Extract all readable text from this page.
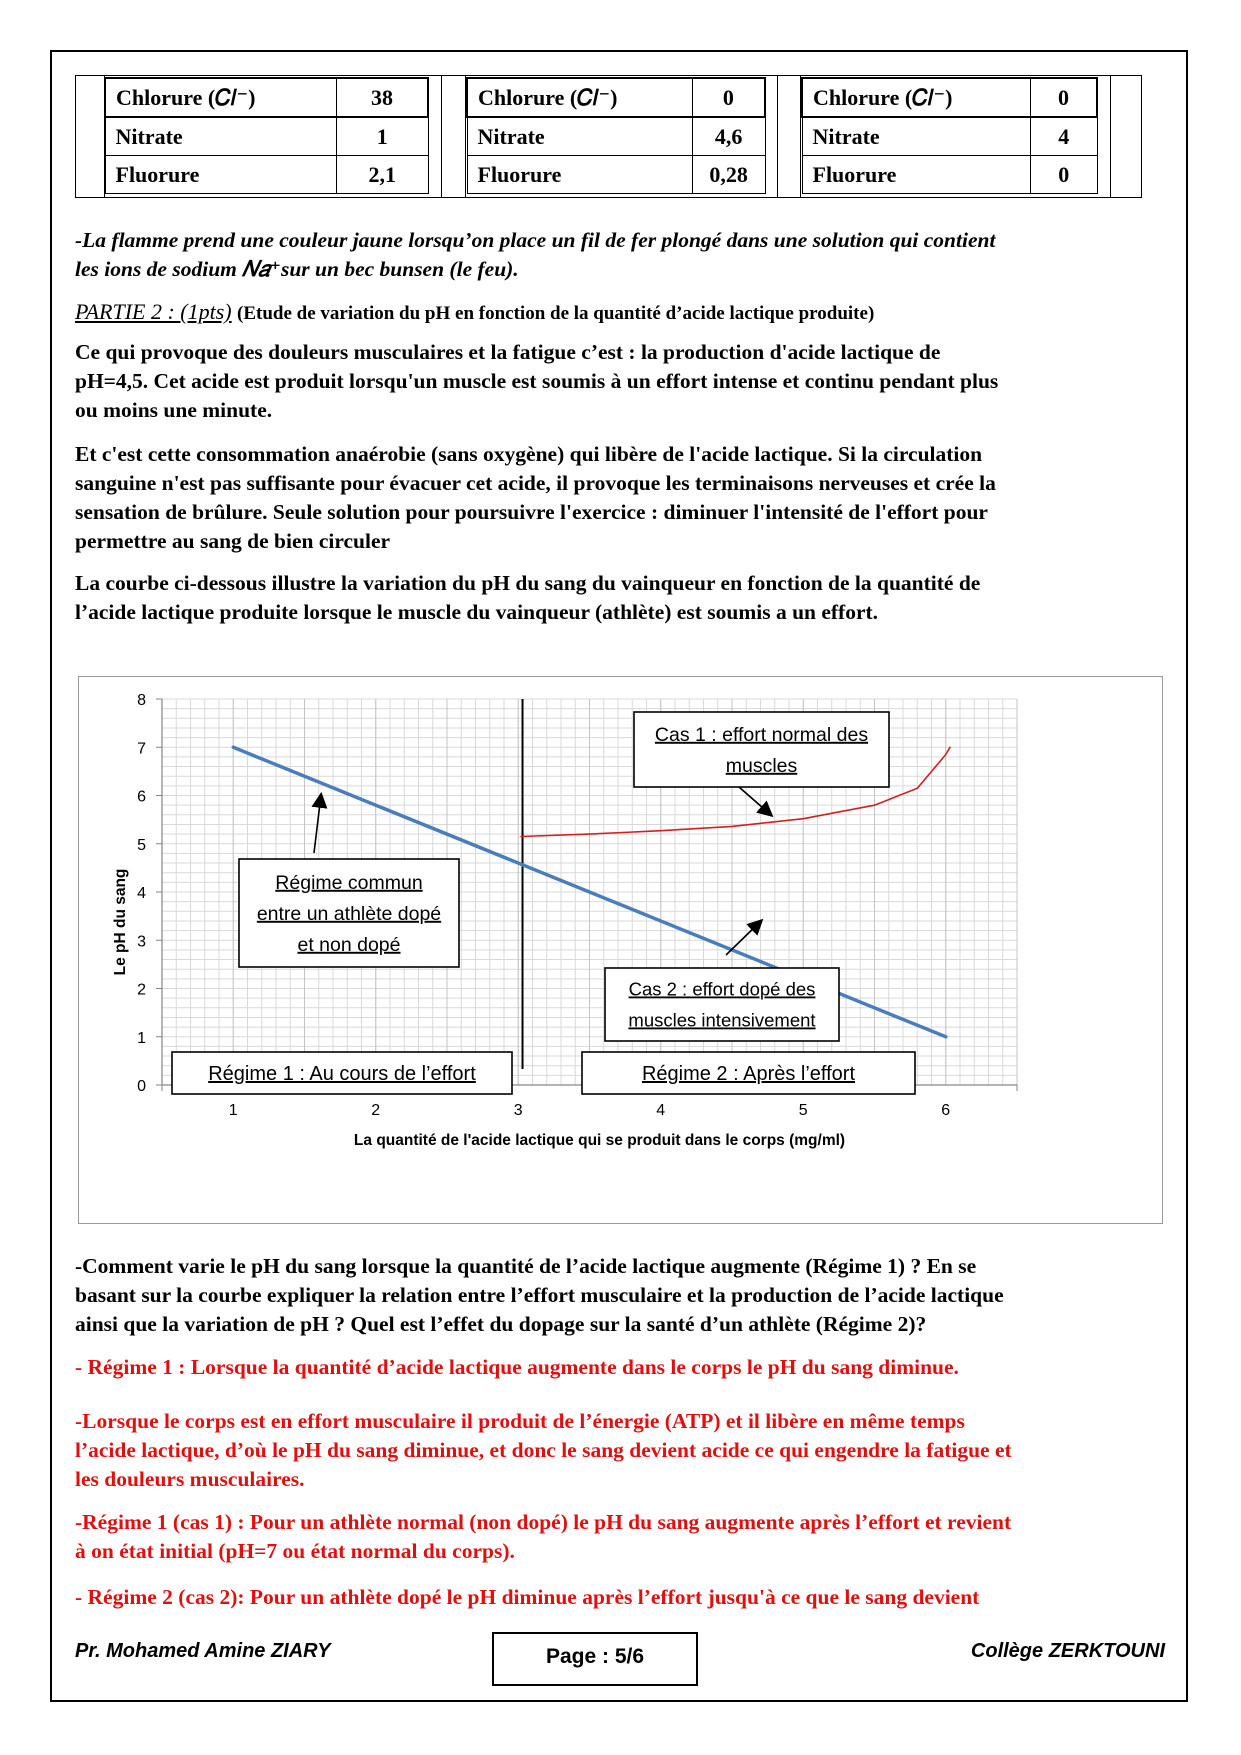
Chlorure (𝐶𝑙⁻)	38
Nitrate	1
Fluorure	2,1
Chlorure (𝐶𝑙⁻)	0
Nitrate	4,6
Fluorure	0,28
Chlorure (𝐶𝑙⁻)	0
Nitrate	4
Fluorure	0

-La flamme prend une couleur jaune lorsqu’on place un fil de fer plongé dans une solution qui contient
les ions de sodium 𝑁𝑎⁺sur un bec bunsen (le feu).

PARTIE 2 : (1pts) (Etude de variation du pH en fonction de la quantité d’acide lactique produite)

Ce qui provoque des douleurs musculaires et la fatigue c’est : la production d'acide lactique de
pH=4,5. Cet acide est produit lorsqu'un muscle est soumis à un effort intense et continu pendant plus
ou moins une minute.

Et c'est cette consommation anaérobie (sans oxygène) qui libère de l'acide lactique. Si la circulation
sanguine n'est pas suffisante pour évacuer cet acide, il provoque les terminaisons nerveuses et crée la
sensation de brûlure. Seule solution pour poursuivre l'exercice : diminuer l'intensité de l'effort pour
permettre au sang de bien circuler

La courbe ci-dessous illustre la variation du pH du sang du vainqueur en fonction de la quantité de
l’acide lactique produite lorsque le muscle du vainqueur (athlète) est soumis a un effort.

0
1
2
3
4
5
6
7
8
1	2	3	4	5	6
La quantité de l'acide lactique qui se produit dans le corps (mg/ml)
Le pH du sang	Régime commun
entre un athlète dopé
et non dopé
Cas 1 : effort normal des
muscles
Cas 2 : effort dopé des
muscles intensivement
Régime 1 : Au cours de l’effort	Régime 2 : Après l’effort

-Comment varie le pH du sang lorsque la quantité de l’acide lactique augmente (Régime 1) ? En se
basant sur la courbe expliquer la relation entre l’effort musculaire et la production de l’acide lactique
ainsi que la variation de pH ? Quel est l’effet du dopage sur la santé d’un athlète (Régime 2)?

- Régime 1 : Lorsque la quantité d’acide lactique augmente dans le corps le pH du sang diminue.

-Lorsque le corps est en effort musculaire il produit de l’énergie (ATP) et il libère en même temps
l’acide lactique, d’où le pH du sang diminue, et donc le sang devient acide ce qui engendre la fatigue et
les douleurs musculaires.

-Régime 1 (cas 1) : Pour un athlète normal (non dopé) le pH du sang augmente après l’effort et revient
à on état initial (pH=7 ou état normal du corps).

- Régime 2 (cas 2): Pour un athlète dopé le pH diminue après l’effort jusqu'à ce que le sang devient

Pr. Mohamed Amine ZIARY	Page : 5/6	Collège ZERKTOUNI
